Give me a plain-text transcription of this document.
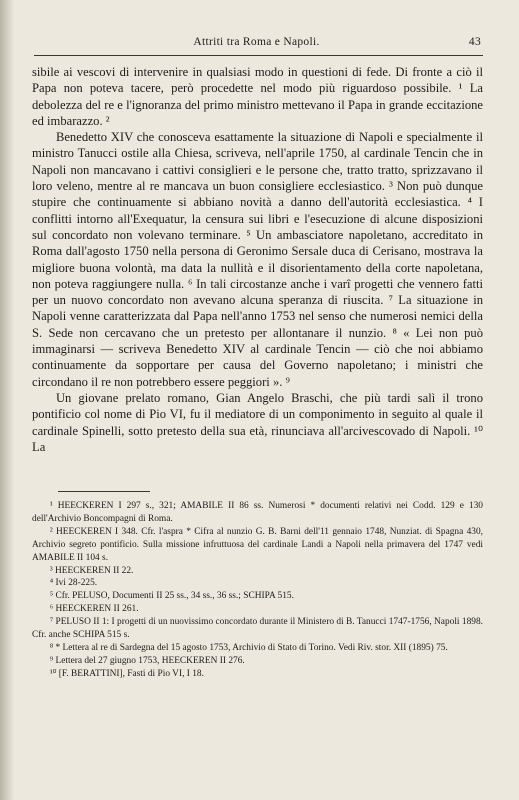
Attriti tra Roma e Napoli.	43

sibile ai vescovi di intervenire in qualsiasi modo in questioni di fede. Di fronte a ciò il Papa non poteva tacere, però procedette nel modo più riguardoso possibile. ¹ La debolezza del re e l'ignoranza del primo ministro mettevano il Papa in grande eccitazione ed imbarazzo. ²

Benedetto XIV che conosceva esattamente la situazione di Napoli e specialmente il ministro Tanucci ostile alla Chiesa, scriveva, nell'aprile 1750, al cardinale Tencin che in Napoli non mancavano i cattivi consiglieri e le persone che, tratto tratto, sprizzavano il loro veleno, mentre al re mancava un buon consigliere ecclesiastico. ³ Non può dunque stupire che continuamente si abbiano novità a danno dell'autorità ecclesiastica. ⁴ I conflitti intorno all'Exequatur, la censura sui libri e l'esecuzione di alcune disposizioni sul concordato non volevano terminare. ⁵ Un ambasciatore napoletano, accreditato in Roma dall'agosto 1750 nella persona di Geronimo Sersale duca di Cerisano, mostrava la migliore buona volontà, ma data la nullità e il disorientamento della corte napoletana, non poteva raggiungere nulla. ⁶ In tali circostanze anche i varî progetti che vennero fatti per un nuovo concordato non avevano alcuna speranza di riuscita. ⁷ La situazione in Napoli venne caratterizzata dal Papa nell'anno 1753 nel senso che numerosi nemici della S. Sede non cercavano che un pretesto per allontanare il nunzio. ⁸ « Lei non può immaginarsi — scriveva Benedetto XIV al cardinale Tencin — ciò che noi abbiamo continuamente da sopportare per causa del Governo napoletano; i ministri che circondano il re non potrebbero essere peggiori ». ⁹

Un giovane prelato romano, Gian Angelo Braschi, che più tardi salì il trono pontificio col nome di Pio VI, fu il mediatore di un componimento in seguito al quale il cardinale Spinelli, sotto pretesto della sua età, rinunciava all'arcivescovado di Napoli. ¹⁰ La

¹ HEECKEREN I 297 s., 321; AMABILE II 86 ss. Numerosi * documenti relativi nei Codd. 129 e 130 dell'Archivio Boncompagni di Roma.

² HEECKEREN I 348. Cfr. l'aspra * Cifra al nunzio G. B. Barni dell'11 gennaio 1748, Nunziat. di Spagna 430, Archivio segreto pontificio. Sulla missione infruttuosa del cardinale Landi a Napoli nella primavera del 1747 vedi AMABILE II 104 s.

³ HEECKEREN II 22.

⁴ Ivi 28-225.

⁵ Cfr. PELUSO, Documenti II 25 ss., 34 ss., 36 ss.; SCHIPA 515.

⁶ HEECKEREN II 261.

⁷ PELUSO II 1: I progetti di un nuovissimo concordato durante il Ministero di B. Tanucci 1747-1756, Napoli 1898. Cfr. anche SCHIPA 515 s.

⁸ * Lettera al re di Sardegna del 15 agosto 1753, Archivio di Stato di Torino. Vedi Riv. stor. XII (1895) 75.

⁹ Lettera del 27 giugno 1753, HEECKEREN II 276.

¹⁰ [F. BERATTINI], Fasti di Pio VI, I 18.
